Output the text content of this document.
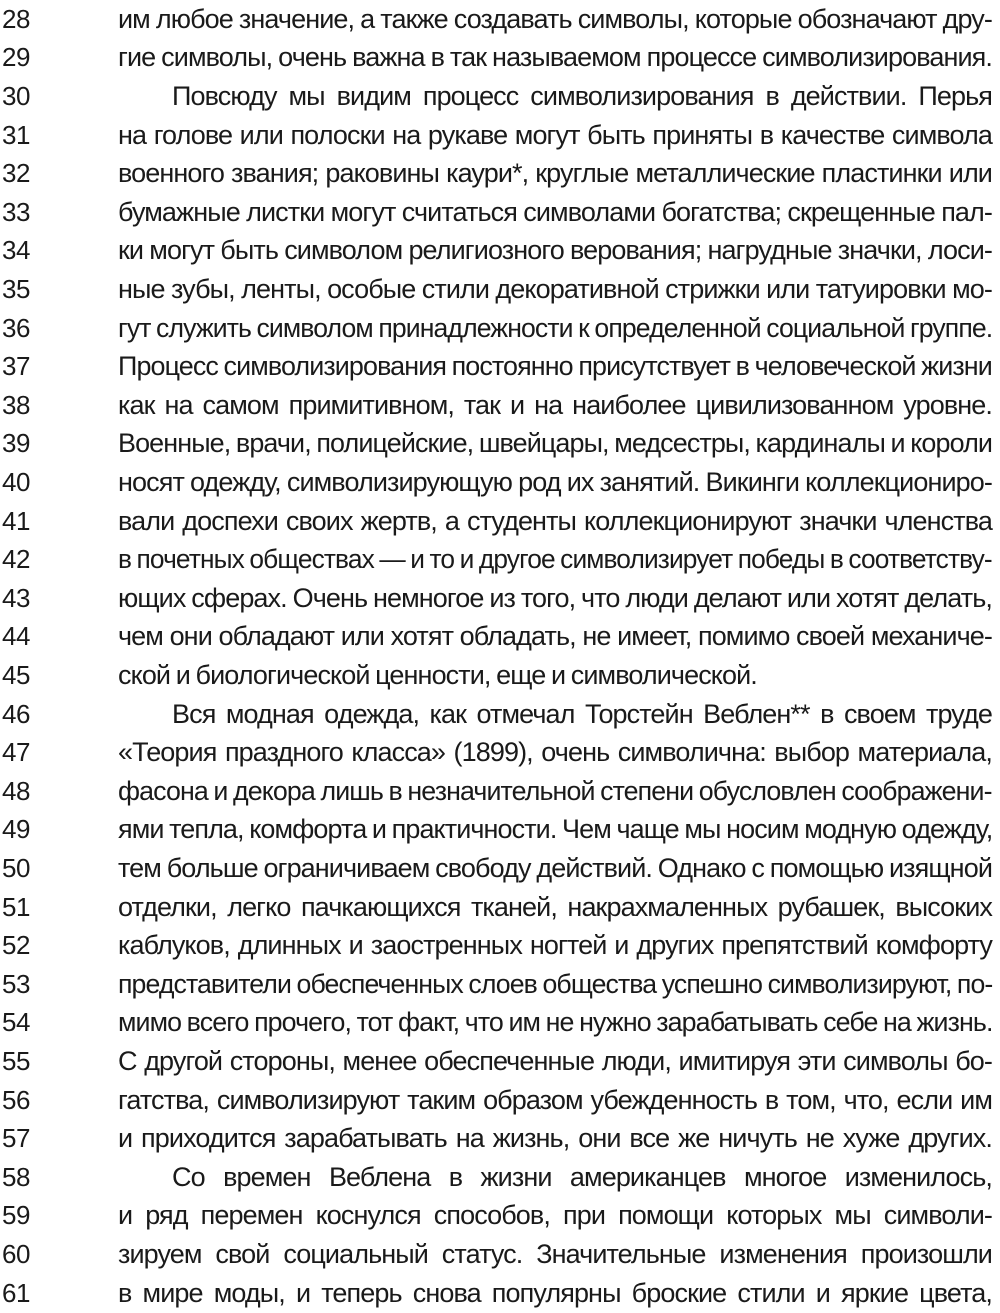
28	им любое значение, а также создавать символы, которые обозначают дру-
29	гие символы, очень важна в так называемом процессе символизирования.
30	Повсюду мы видим процесс символизирования в действии. Перья
31	на голове или полоски на рукаве могут быть приняты в качестве символа
32	военного звания; раковины каури*, круглые металлические пластинки или
33	бумажные листки могут считаться символами богатства; скрещенные пал-
34	ки могут быть символом религиозного верования; нагрудные значки, лоси-
35	ные зубы, ленты, особые стили декоративной стрижки или татуировки мо-
36	гут служить символом принадлежности к определенной социальной группе.
37	Процесс символизирования постоянно присутствует в человеческой жизни
38	как на самом примитивном, так и на наиболее цивилизованном уровне.
39	Военные, врачи, полицейские, швейцары, медсестры, кардиналы и короли
40	носят одежду, символизирующую род их занятий. Викинги коллекциониро-
41	вали доспехи своих жертв, а студенты коллекционируют значки членства
42	в почетных обществах — и то и другое символизирует победы в соответству-
43	ющих сферах. Очень немногое из того, что люди делают или хотят делать,
44	чем они обладают или хотят обладать, не имеет, помимо своей механиче-
45	ской и биологической ценности, еще и символической.
46	Вся модная одежда, как отмечал Торстейн Веблен** в своем труде
47	«Теория праздного класса» (1899), очень символична: выбор материала,
48	фасона и декора лишь в незначительной степени обусловлен соображени-
49	ями тепла, комфорта и практичности. Чем чаще мы носим модную одежду,
50	тем больше ограничиваем свободу действий. Однако с помощью изящной
51	отделки, легко пачкающихся тканей, накрахмаленных рубашек, высоких
52	каблуков, длинных и заостренных ногтей и других препятствий комфорту
53	представители обеспеченных слоев общества успешно символизируют, по-
54	мимо всего прочего, тот факт, что им не нужно зарабатывать себе на жизнь.
55	С другой стороны, менее обеспеченные люди, имитируя эти символы бо-
56	гатства, символизируют таким образом убежденность в том, что, если им
57	и приходится зарабатывать на жизнь, они все же ничуть не хуже других.
58	Со времен Веблена в жизни американцев многое изменилось,
59	и ряд перемен коснулся способов, при помощи которых мы символи-
60	зируем свой социальный статус. Значительные изменения произошли
61	в мире моды, и теперь снова популярны броские стили и яркие цвета,
